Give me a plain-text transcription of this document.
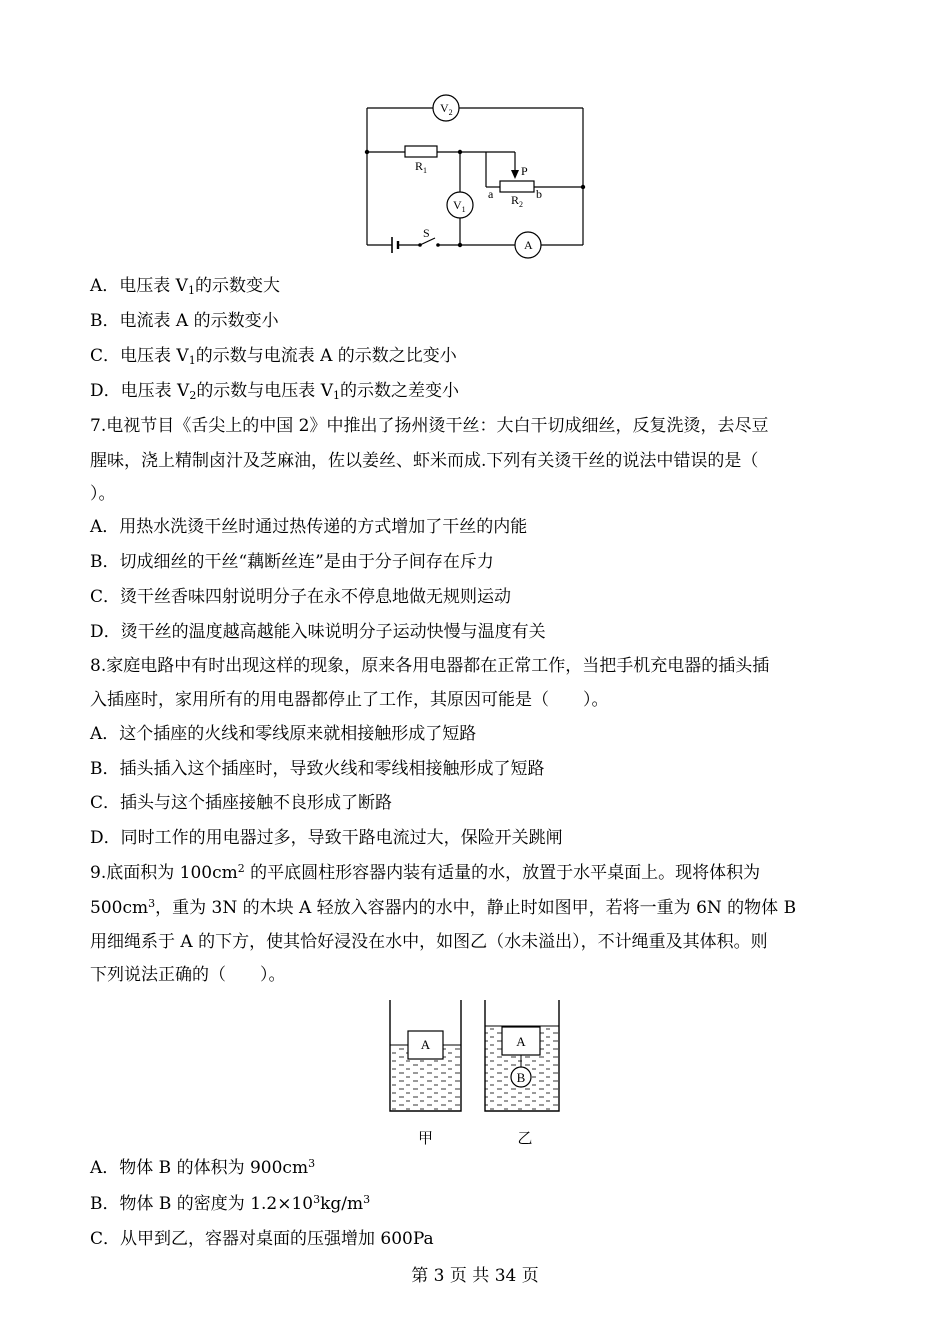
$V_2$
$R_1$	P
a	b
$R_2$
$V_1$
S
A
A．电压表 $V_1$的示数变大
B．电流表 A 的示数变小
C．电压表 $V_1$的示数与电流表 A 的示数之比变小
D．电压表 $V_2$的示数与电压表 $V_1$的示数之差变小
7.电视节目《舌尖上的中国 2》中推出了扬州烫干丝：大白干切成细丝，反复洗烫，去尽豆
腥味，浇上精制卤汁及芝麻油，佐以姜丝、虾米而成.下列有关烫干丝的说法中错误的是（
）。
A．用热水洗烫干丝时通过热传递的方式增加了干丝的内能
B．切成细丝的干丝“藕断丝连”是由于分子间存在斥力
C．烫干丝香味四射说明分子在永不停息地做无规则运动
D．烫干丝的温度越高越能入味说明分子运动快慢与温度有关
8.家庭电路中有时出现这样的现象，原来各用电器都在正常工作，当把手机充电器的插头插
入插座时，家用所有的用电器都停止了工作，其原因可能是（　　）。
A．这个插座的火线和零线原来就相接触形成了短路
B．插头插入这个插座时，导致火线和零线相接触形成了短路
C．插头与这个插座接触不良形成了断路
D．同时工作的用电器过多，导致干路电流过大，保险开关跳闸
9.底面积为 $100cm^2$ 的平底圆柱形容器内装有适量的水，放置于水平桌面上。现将体积为
$500cm^3$，重为 3N 的木块 A 轻放入容器内的水中，静止时如图甲，若将一重为 6N 的物体 B
用细绳系于 A 的下方，使其恰好浸没在水中，如图乙（水未溢出），不计绳重及其体积。则
下列说法正确的（　　）。
A	A
B
甲	乙
A．物体 B 的体积为 $900cm^3$
B．物体 B 的密度为 $1.2\times 10^3kg/m^3$
C．从甲到乙，容器对桌面的压强增加 600Pa
第 3 页 共 34 页
